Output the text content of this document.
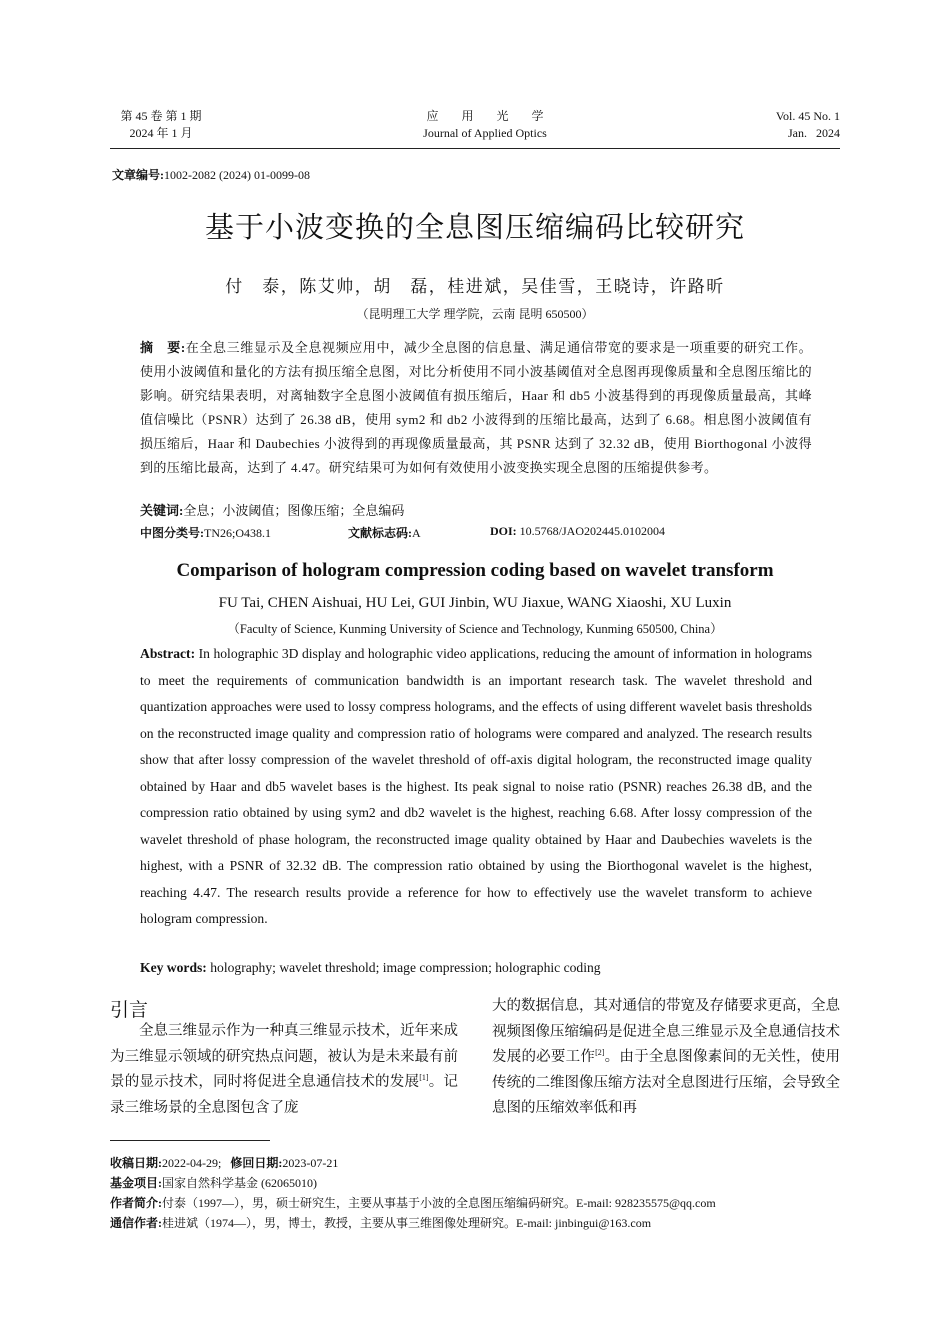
第 45 卷 第 1 期
2024 年 1 月
应 用 光 学
Journal of Applied Optics
Vol. 45 No. 1
Jan.   2024
文章编号:1002-2082 (2024) 01-0099-08
基于小波变换的全息图压缩编码比较研究
付　泰，陈艾帅，胡　磊，桂进斌，吴佳雪，王晓诗，许路昕
（昆明理工大学 理学院，云南 昆明 650500）
摘　要:在全息三维显示及全息视频应用中，减少全息图的信息量、满足通信带宽的要求是一项重要的研究工作。使用小波阈值和量化的方法有损压缩全息图，对比分析使用不同小波基阈值对全息图再现像质量和全息图压缩比的影响。研究结果表明，对离轴数字全息图小波阈值有损压缩后，Haar 和 db5 小波基得到的再现像质量最高，其峰值信噪比（PSNR）达到了 26.38 dB，使用 sym2 和 db2 小波得到的压缩比最高，达到了 6.68。相息图小波阈值有损压缩后，Haar 和 Daubechies 小波得到的再现像质量最高，其 PSNR 达到了 32.32 dB，使用 Biorthogonal 小波得到的压缩比最高，达到了 4.47。研究结果可为如何有效使用小波变换实现全息图的压缩提供参考。
关键词:全息；小波阈值；图像压缩；全息编码
中图分类号:TN26;O438.1	文献标志码:A	DOI: 10.5768/JAO202445.0102004
Comparison of hologram compression coding based on wavelet transform
FU Tai, CHEN Aishuai, HU Lei, GUI Jinbin, WU Jiaxue, WANG Xiaoshi, XU Luxin
（Faculty of Science, Kunming University of Science and Technology, Kunming 650500, China）
Abstract: In holographic 3D display and holographic video applications, reducing the amount of information in holograms to meet the requirements of communication bandwidth is an important research task. The wavelet threshold and quantization approaches were used to lossy compress holograms, and the effects of using different wavelet basis thresholds on the reconstructed image quality and compression ratio of holograms were compared and analyzed. The research results show that after lossy compression of the wavelet threshold of off-axis digital hologram, the reconstructed image quality obtained by Haar and db5 wavelet bases is the highest. Its peak signal to noise ratio (PSNR) reaches 26.38 dB, and the compression ratio obtained by using sym2 and db2 wavelet is the highest, reaching 6.68. After lossy compression of the wavelet threshold of phase hologram, the reconstructed image quality obtained by Haar and Daubechies wavelets is the highest, with a PSNR of 32.32 dB. The compression ratio obtained by using the Biorthogonal wavelet is the highest, reaching 4.47. The research results provide a reference for how to effectively use the wavelet transform to achieve hologram compression.
Key words: holography; wavelet threshold; image compression; holographic coding
引言
全息三维显示作为一种真三维显示技术，近年来成为三维显示领域的研究热点问题，被认为是未来最有前景的显示技术，同时将促进全息通信技术的发展[1]。记录三维场景的全息图包含了庞
大的数据信息，其对通信的带宽及存储要求更高，全息视频图像压缩编码是促进全息三维显示及全息通信技术发展的必要工作[2]。由于全息图像素间的无关性，使用传统的二维图像压缩方法对全息图进行压缩，会导致全息图的压缩效率低和再
收稿日期:2022-04-29; 修回日期:2023-07-21
基金项目:国家自然科学基金 (62065010)
作者简介:付泰（1997—），男，硕士研究生，主要从事基于小波的全息图压缩编码研究。E-mail: 928235575@qq.com
通信作者:桂进斌（1974—），男，博士，教授，主要从事三维图像处理研究。E-mail: jinbingui@163.com
